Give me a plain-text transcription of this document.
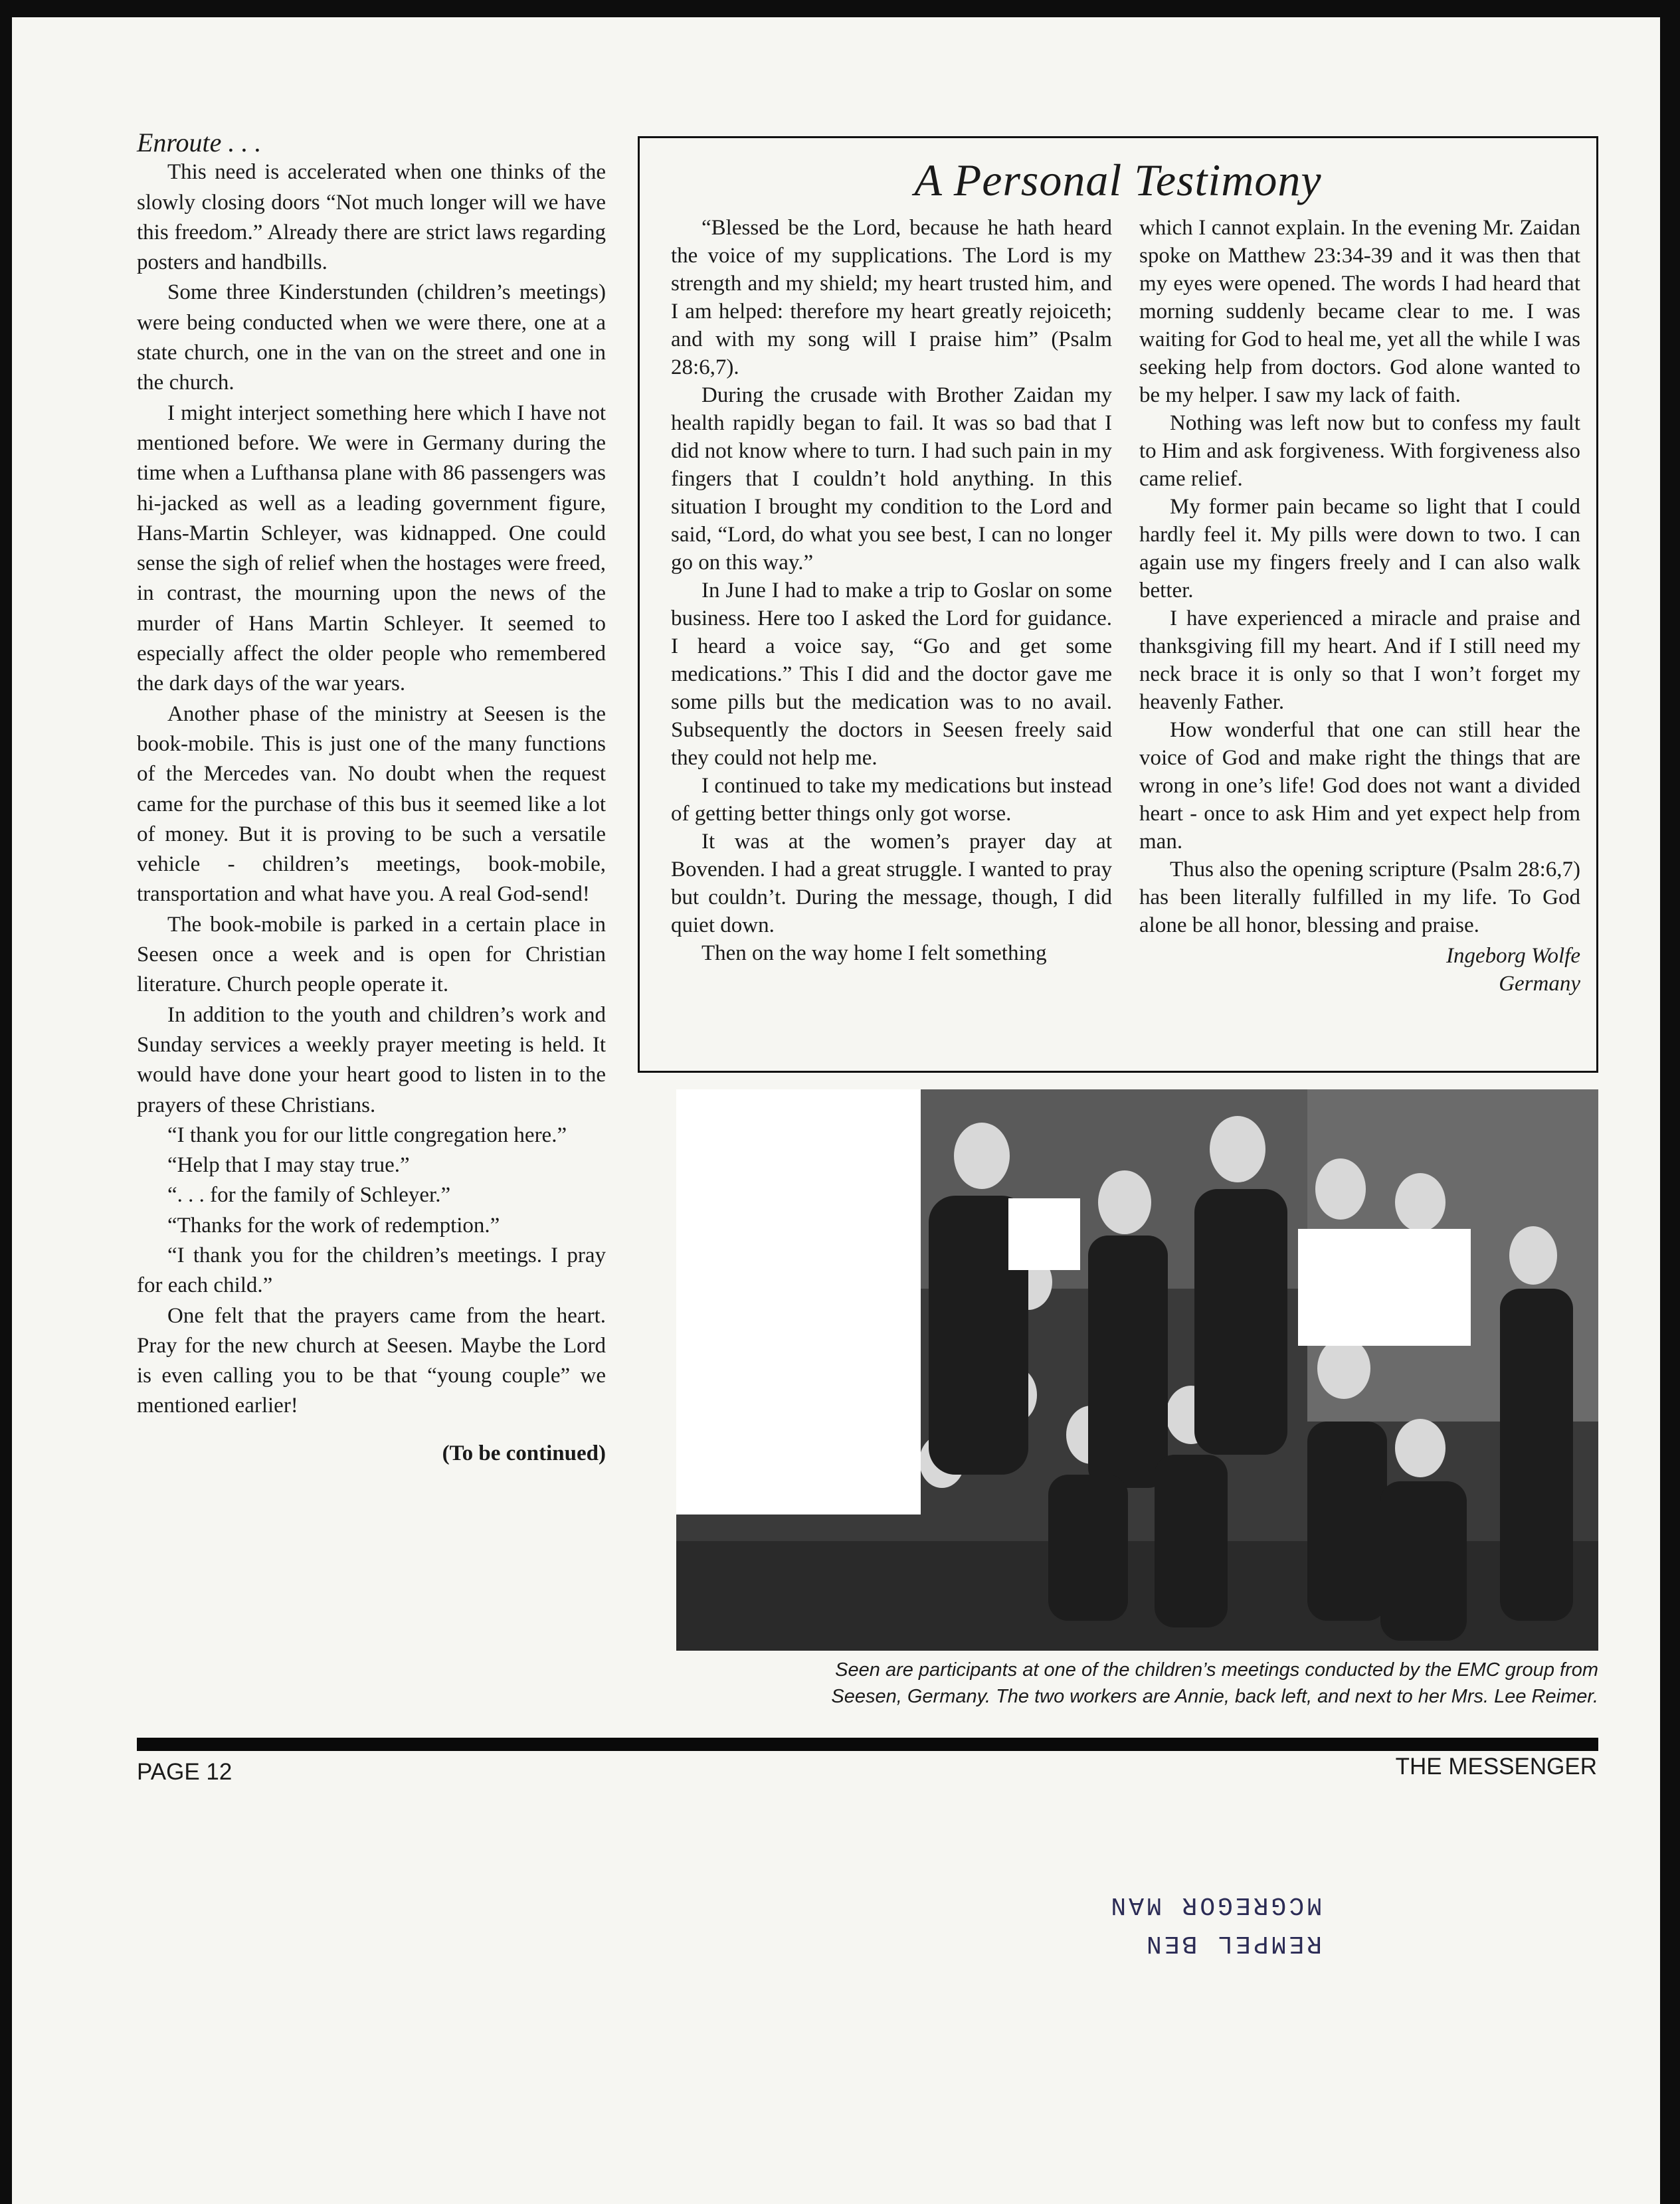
Enroute . . .

This need is accelerated when one thinks of the slowly closing doors “Not much longer will we have this freedom.” Already there are strict laws regarding posters and handbills.

Some three Kinderstunden (children’s meetings) were being conducted when we were there, one at a state church, one in the van on the street and one in the church.

I might interject something here which I have not mentioned before. We were in Germany during the time when a Lufthansa plane with 86 passengers was hi-jacked as well as a leading government figure, Hans-Martin Schleyer, was kidnapped. One could sense the sigh of relief when the hostages were freed, in contrast, the mourning upon the news of the murder of Hans Martin Schleyer. It seemed to especially affect the older people who remembered the dark days of the war years.

Another phase of the ministry at Seesen is the book-mobile. This is just one of the many functions of the Mercedes van. No doubt when the request came for the purchase of this bus it seemed like a lot of money. But it is proving to be such a versatile vehicle - children’s meetings, book-mobile, transportation and what have you. A real God-send!

The book-mobile is parked in a certain place in Seesen once a week and is open for Christian literature. Church people operate it.

In addition to the youth and children’s work and Sunday services a weekly prayer meeting is held. It would have done your heart good to listen in to the prayers of these Christians.

“I thank you for our little congregation here.”

“Help that I may stay true.”

“. . . for the family of Schleyer.”

“Thanks for the work of redemption.”

“I thank you for the children’s meetings. I pray for each child.”

One felt that the prayers came from the heart. Pray for the new church at Seesen. Maybe the Lord is even calling you to be that “young couple” we mentioned earlier!

(To be continued)

A Personal Testimony

“Blessed be the Lord, because he hath heard the voice of my supplications. The Lord is my strength and my shield; my heart trusted him, and I am helped: therefore my heart greatly rejoiceth; and with my song will I praise him” (Psalm 28:6,7).

During the crusade with Brother Zaidan my health rapidly began to fail. It was so bad that I did not know where to turn. I had such pain in my fingers that I couldn’t hold anything. In this situation I brought my condition to the Lord and said, “Lord, do what you see best, I can no longer go on this way.”

In June I had to make a trip to Goslar on some business. Here too I asked the Lord for guidance. I heard a voice say, “Go and get some medications.” This I did and the doctor gave me some pills but the medication was to no avail. Subsequently the doctors in Seesen freely said they could not help me.

I continued to take my medications but instead of getting better things only got worse.

It was at the women’s prayer day at Bovenden. I had a great struggle. I wanted to pray but couldn’t. During the message, though, I did quiet down.

Then on the way home I felt something

which I cannot explain. In the evening Mr. Zaidan spoke on Matthew 23:34-39 and it was then that my eyes were opened. The words I had heard that morning suddenly became clear to me. I was waiting for God to heal me, yet all the while I was seeking help from doctors. God alone wanted to be my helper. I saw my lack of faith.

Nothing was left now but to confess my fault to Him and ask forgiveness. With forgiveness also came relief.

My former pain became so light that I could hardly feel it. My pills were down to two. I can again use my fingers freely and I can also walk better.

I have experienced a miracle and praise and thanksgiving fill my heart. And if I still need my neck brace it is only so that I won’t forget my heavenly Father.

How wonderful that one can still hear the voice of God and make right the things that are wrong in one’s life! God does not want a divided heart - once to ask Him and yet expect help from man.

Thus also the opening scripture (Psalm 28:6,7) has been literally fulfilled in my life. To God alone be all honor, blessing and praise.

Ingeborg Wolfe

Germany

Seen are participants at one of the children’s meetings conducted by the EMC group from
Seesen, Germany. The two workers are Annie, back left, and next to her Mrs. Lee Reimer.
PAGE 12	THE MESSENGER
REMPEL BEN
MCGREGOR MAN
